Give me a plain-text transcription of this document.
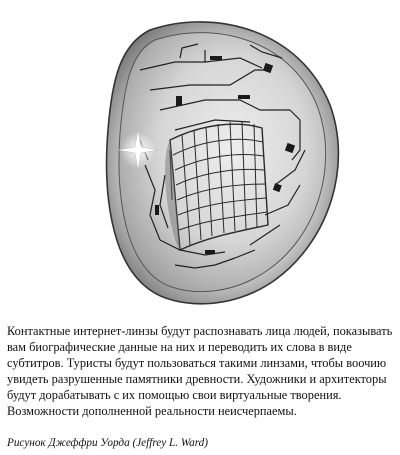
Контактные интернет-линзы будут распознавать лица людей, показывать вам биографические данные на них и переводить их слова в виде субтитров. Туристы будут пользоваться такими линзами, чтобы воочию увидеть разрушенные памятники древности. Художники и архитекторы будут дорабатывать с их помощью свои виртуальные творения. Возможности дополненной реальности неисчерпаемы.

Рисунок Джеффри Уорда (Jeffrey L. Ward)
